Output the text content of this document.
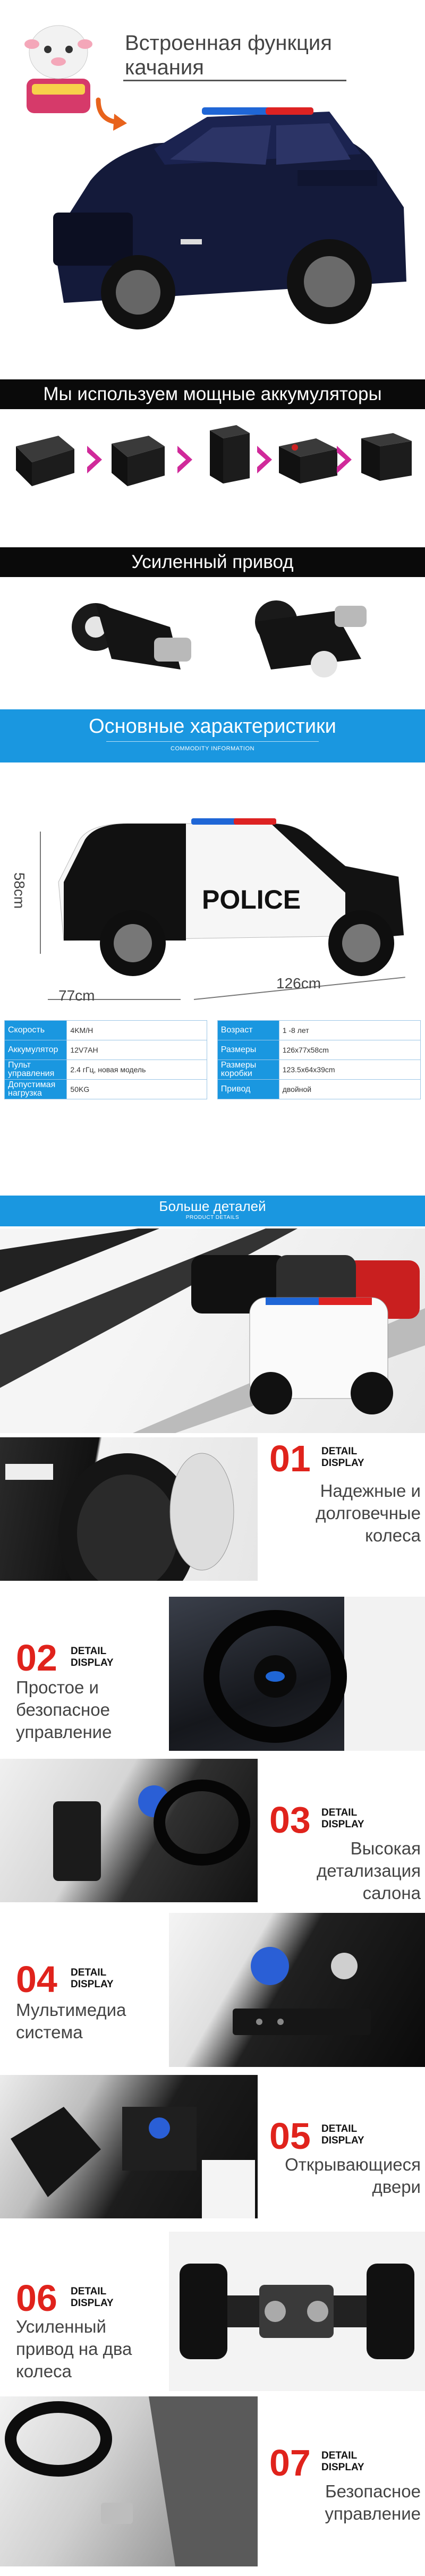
Встроенная функция качания
Мы используем мощные аккумуляторы
Усиленный привод
Основные характеристики
COMMODITY INFORMATION
POLICE
58cm
77cm
126cm
Скорость	4KM/H		Возраст	1 -8 лет
Аккумулятор	12V7AH		Размеры	126x77x58cm
Пульт управления	2.4 гГц, новая модель		Размеры коробки	123.5x64x39cm
Допустимая нагрузка	50KG		Привод	двойной
Больше деталей
PRODUCT DETAILS
01 DETAIL
DISPLAY
Надежные и долговечные колеса
02 DETAIL
DISPLAY
Простое и безопасное управление
03 DETAIL
DISPLAY
Высокая детализация салона
04 DETAIL
DISPLAY
Мультимедиа система
05 DETAIL
DISPLAY
Открывающиеся двери
06 DETAIL
DISPLAY
Усиленный привод на два колеса
07 DETAIL
DISPLAY
Безопасное управление
